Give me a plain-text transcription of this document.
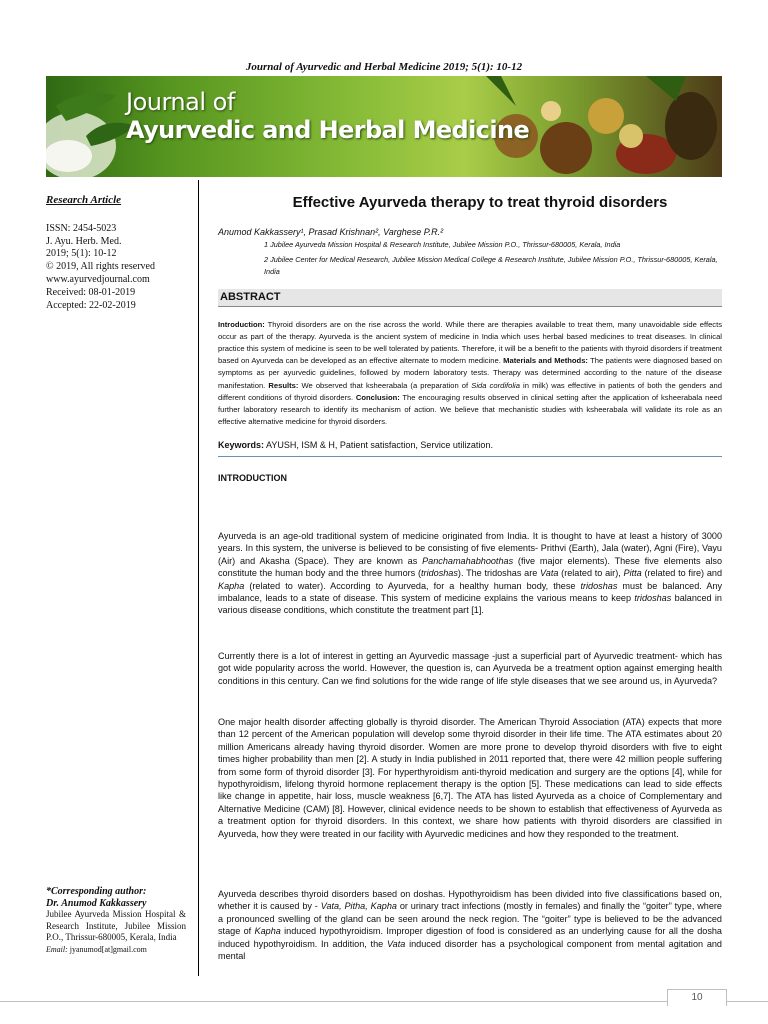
Journal of Ayurvedic and Herbal Medicine 2019; 5(1): 10-12
Journal of
Ayurvedic and Herbal Medicine
Research Article
ISSN: 2454-5023
J. Ayu. Herb. Med.
2019; 5(1): 10-12
© 2019, All rights reserved
www.ayurvedjournal.com
Received: 08-01-2019
Accepted: 22-02-2019
*Corresponding author:
Dr. Anumod Kakkassery
Jubilee Ayurveda Mission Hospital & Research Institute, Jubilee Mission P.O., Thrissur-680005, Kerala, India
Email: jyanumod[at]gmail.com
Effective Ayurveda therapy to treat thyroid disorders
Anumod Kakkassery¹, Prasad Krishnan², Varghese P.R.²
1 Jubilee Ayurveda Mission Hospital & Research Institute, Jubilee Mission P.O., Thrissur-680005, Kerala, India
2 Jubilee Center for Medical Research, Jubilee Mission Medical College & Research Institute, Jubilee Mission P.O., Thrissur-680005, Kerala, India
ABSTRACT
Introduction: Thyroid disorders are on the rise across the world. While there are therapies available to treat them, many unavoidable side effects occur as part of the therapy. Ayurveda is the ancient system of medicine in India which uses herbal based medicines to treat diseases. In clinical practice this system of medicine is seen to be well tolerated by patients. Therefore, it will be a benefit to the patients with thyroid disorders if treatment based on Ayurveda can be developed as an effective alternate to modern medicine. Materials and Methods: The patients were diagnosed based on symptoms as per ayurvedic guidelines, followed by modern laboratory tests. Therapy was determined according to the nature of the disease manifestation. Results: We observed that ksheerabala (a preparation of Sida cordifolia in milk) was effective in patients of both the genders and different conditions of thyroid disorders. Conclusion: The encouraging results observed in clinical setting after the application of ksheerabala need further laboratory research to identify its mechanism of action. We believe that mechanistic studies with ksheerabala will validate its role as an effective alternative medicine for thyroid disorders.
Keywords: AYUSH, ISM & H, Patient satisfaction, Service utilization.
INTRODUCTION

Ayurveda is an age-old traditional system of medicine originated from India. It is thought to have at least a history of 3000 years. In this system, the universe is believed to be consisting of five elements- Prithvi (Earth), Jala (water), Agni (Fire), Vayu (Air) and Akasha (Space). They are known as Panchamahabhoothas (five major elements). These five elements also constitute the human body and the three humors (tridoshas). The tridoshas are Vata (related to air), Pitta (related to fire) and Kapha (related to water). According to Ayurveda, for a healthy human body, these tridoshas must be balanced. Any imbalance, leads to a state of disease. This system of medicine explains the various means to keep tridoshas balanced in various disease conditions, which constitute the treatment part [1].

Currently there is a lot of interest in getting an Ayurvedic massage -just a superficial part of Ayurvedic treatment- which has got wide popularity across the world. However, the question is, can Ayurveda be a treatment option against emerging health conditions in this century. Can we find solutions for the wide range of life style diseases that we see around us, in Ayurveda?

One major health disorder affecting globally is thyroid disorder. The American Thyroid Association (ATA) expects that more than 12 percent of the American population will develop some thyroid disorder in their life time. The ATA estimates about 20 million Americans already having thyroid disorder. Women are more prone to develop thyroid disorders with five to eight times higher probability than men [2]. A study in India published in 2011 reported that, there were 42 million people suffering from some form of thyroid disorder [3]. For hyperthyroidism anti-thyroid medication and surgery are the options [4], while for hypothyroidism, lifelong thyroid hormone replacement therapy is the option [5]. These medications can lead to side effects like change in appetite, hair loss, muscle weakness [6,7]. The ATA has listed Ayurveda as a choice of Complementary and Alternative Medicine (CAM) [8]. However, clinical evidence needs to be shown to establish that effectiveness of Ayurveda as a treatment option for thyroid disorders. In this context, we share how patients with thyroid disorders are classified in Ayurveda, how they were treated in our facility with Ayurvedic medicines and how they responded to the treatment.

Ayurveda describes thyroid disorders based on doshas. Hypothyroidism has been divided into five classifications based on, whether it is caused by - Vata, Pitha, Kapha or urinary tract infections (mostly in females) and finally the “goiter” type, where a pronounced swelling of the gland can be seen around the neck region. The “goiter” type is believed to be the advanced stage of Kapha induced hypothyroidism. Improper digestion of food is considered as an underlying cause for all the dosha induced hypothyroidism. In addition, the Vata induced disorder has a psychological component from mental agitation and mental

10
